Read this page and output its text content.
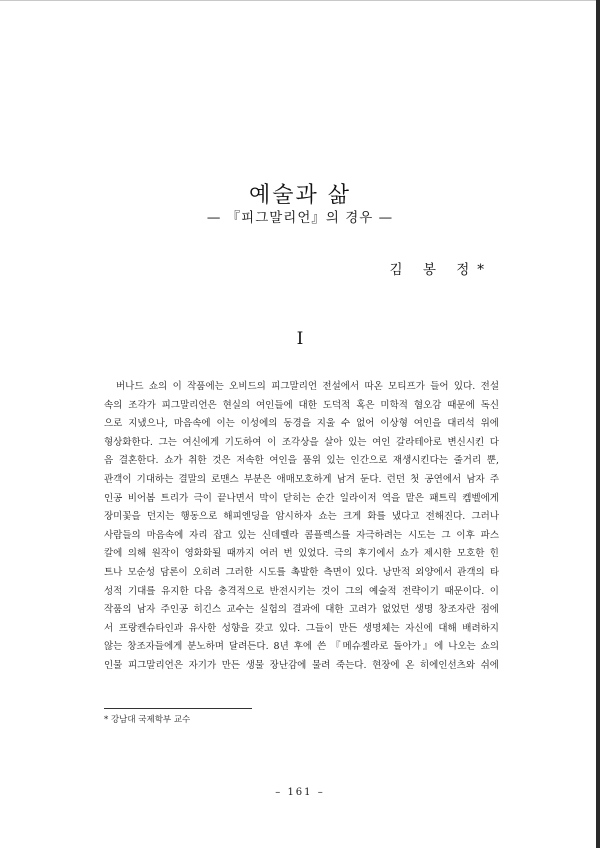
예술과 삶
— 『피그말리언』의 경우 —
김 봉 정*
I
버나드 쇼의 이 작품에는 오비드의 피그말리언 전설에서 따온 모티프가 들어 있다. 전설
속의 조각가 피그말리언은 현실의 여인들에 대한 도덕적 혹은 미학적 혐오감 때문에 독신
으로 지냈으나, 마음속에 이는 이성에의 동경을 지울 수 없어 이상형 여인을 대리석 위에
형상화한다. 그는 여신에게 기도하여 이 조각상을 살아 있는 여인 갈라테아로 변신시킨 다
음 결혼한다. 쇼가 취한 것은 저속한 여인을 품위 있는 인간으로 재생시킨다는 줄거리 뿐,
관객이 기대하는 결말의 로맨스 부분은 애매모호하게 남겨 둔다. 런던 첫 공연에서 남자 주
인공 비어봄 트리가 극이 끝나면서 막이 닫히는 순간 일라이저 역을 맡은 패트릭 켐벨에게
장미꽃을 던지는 행동으로 해피엔딩을 암시하자 쇼는 크게 화를 냈다고 전해진다. 그러나
사람들의 마음속에 자리 잡고 있는 신데렐라 콤플렉스를 자극하려는 시도는 그 이후 파스
칼에 의해 원작이 영화화될 때까지 여러 번 있었다. 극의 후기에서 쇼가 제시한 모호한 힌
트나 모순성 담론이 오히려 그러한 시도를 촉발한 측면이 있다. 낭만적 외양에서 관객의 타
성적 기대를 유지한 다음 충격적으로 반전시키는 것이 그의 예술적 전략이기 때문이다. 이
작품의 남자 주인공 히긴스 교수는 실험의 결과에 대한 고려가 없었던 생명 창조자란 점에
서 프랑켄슈타인과 유사한 성향을 갖고 있다. 그들이 만든 생명체는 자신에 대해 배려하지
않는 창조자들에게 분노하며 달려든다. 8년 후에 쓴 『메슈젤라로 돌아가』에 나오는 쇼의
인물 피그말리언은 자기가 만든 생물 장난감에 물려 죽는다. 현장에 온 히에인선츠와 쉬에
* 강남대 국제학부 교수
– 161 –
